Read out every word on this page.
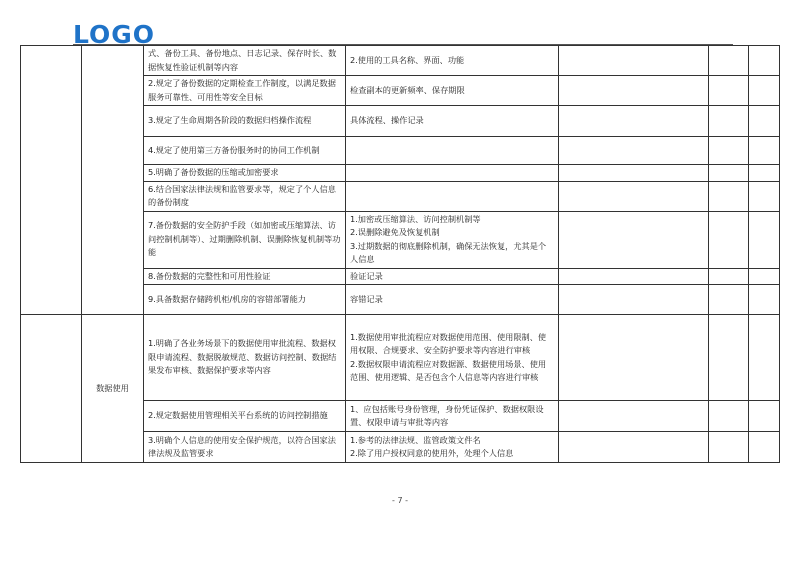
LOGO
		式、备份工具、备份地点、日志记录、保存时长、数据恢复性验证机制等内容	2.使用的工具名称、界面、功能			

		2.规定了备份数据的定期检查工作制度，以满足数据服务可靠性、可用性等安全目标	检查副本的更新频率、保存期限			

		3.规定了生命周期各阶段的数据归档操作流程	具体流程、操作记录			

		4.规定了使用第三方备份服务时的协同工作机制				
		5.明确了备份数据的压缩或加密要求				
		6.结合国家法律法规和监管要求等，规定了个人信息的备份制度				
		7.备份数据的安全防护手段（如加密或压缩算法、访问控制机制等）、过期删除机制、误删除恢复机制等功能	1.加密或压缩算法、访问控制机制等
2.误删除避免及恢复机制
3.过期数据的彻底删除机制，确保无法恢复，尤其是个人信息			

		8.备份数据的完整性和可用性验证	验证记录			

		9.具备数据存储跨机柜/机房的容错部署能力	容错记录			

	数据使用	1.明确了各业务场景下的数据使用审批流程、数据权限申请流程、数据脱敏规范、数据访问控制、数据结果发布审核、数据保护要求等内容	1.数据使用审批流程应对数据使用范围、使用限制、使用权限、合规要求、安全防护要求等内容进行审核
2.数据权限申请流程应对数据源、数据使用场景、使用范围、使用逻辑、是否包含个人信息等内容进行审核			

		2.规定数据使用管理相关平台系统的访问控制措施	1、应包括账号身份管理，身份凭证保护、数据权限设置、权限申请与审批等内容			

		3.明确个人信息的使用安全保护规范，以符合国家法律法规及监管要求	1.参考的法律法规、监管政策文件名
2.除了用户授权同意的使用外，处理个人信息			

- 7 -
